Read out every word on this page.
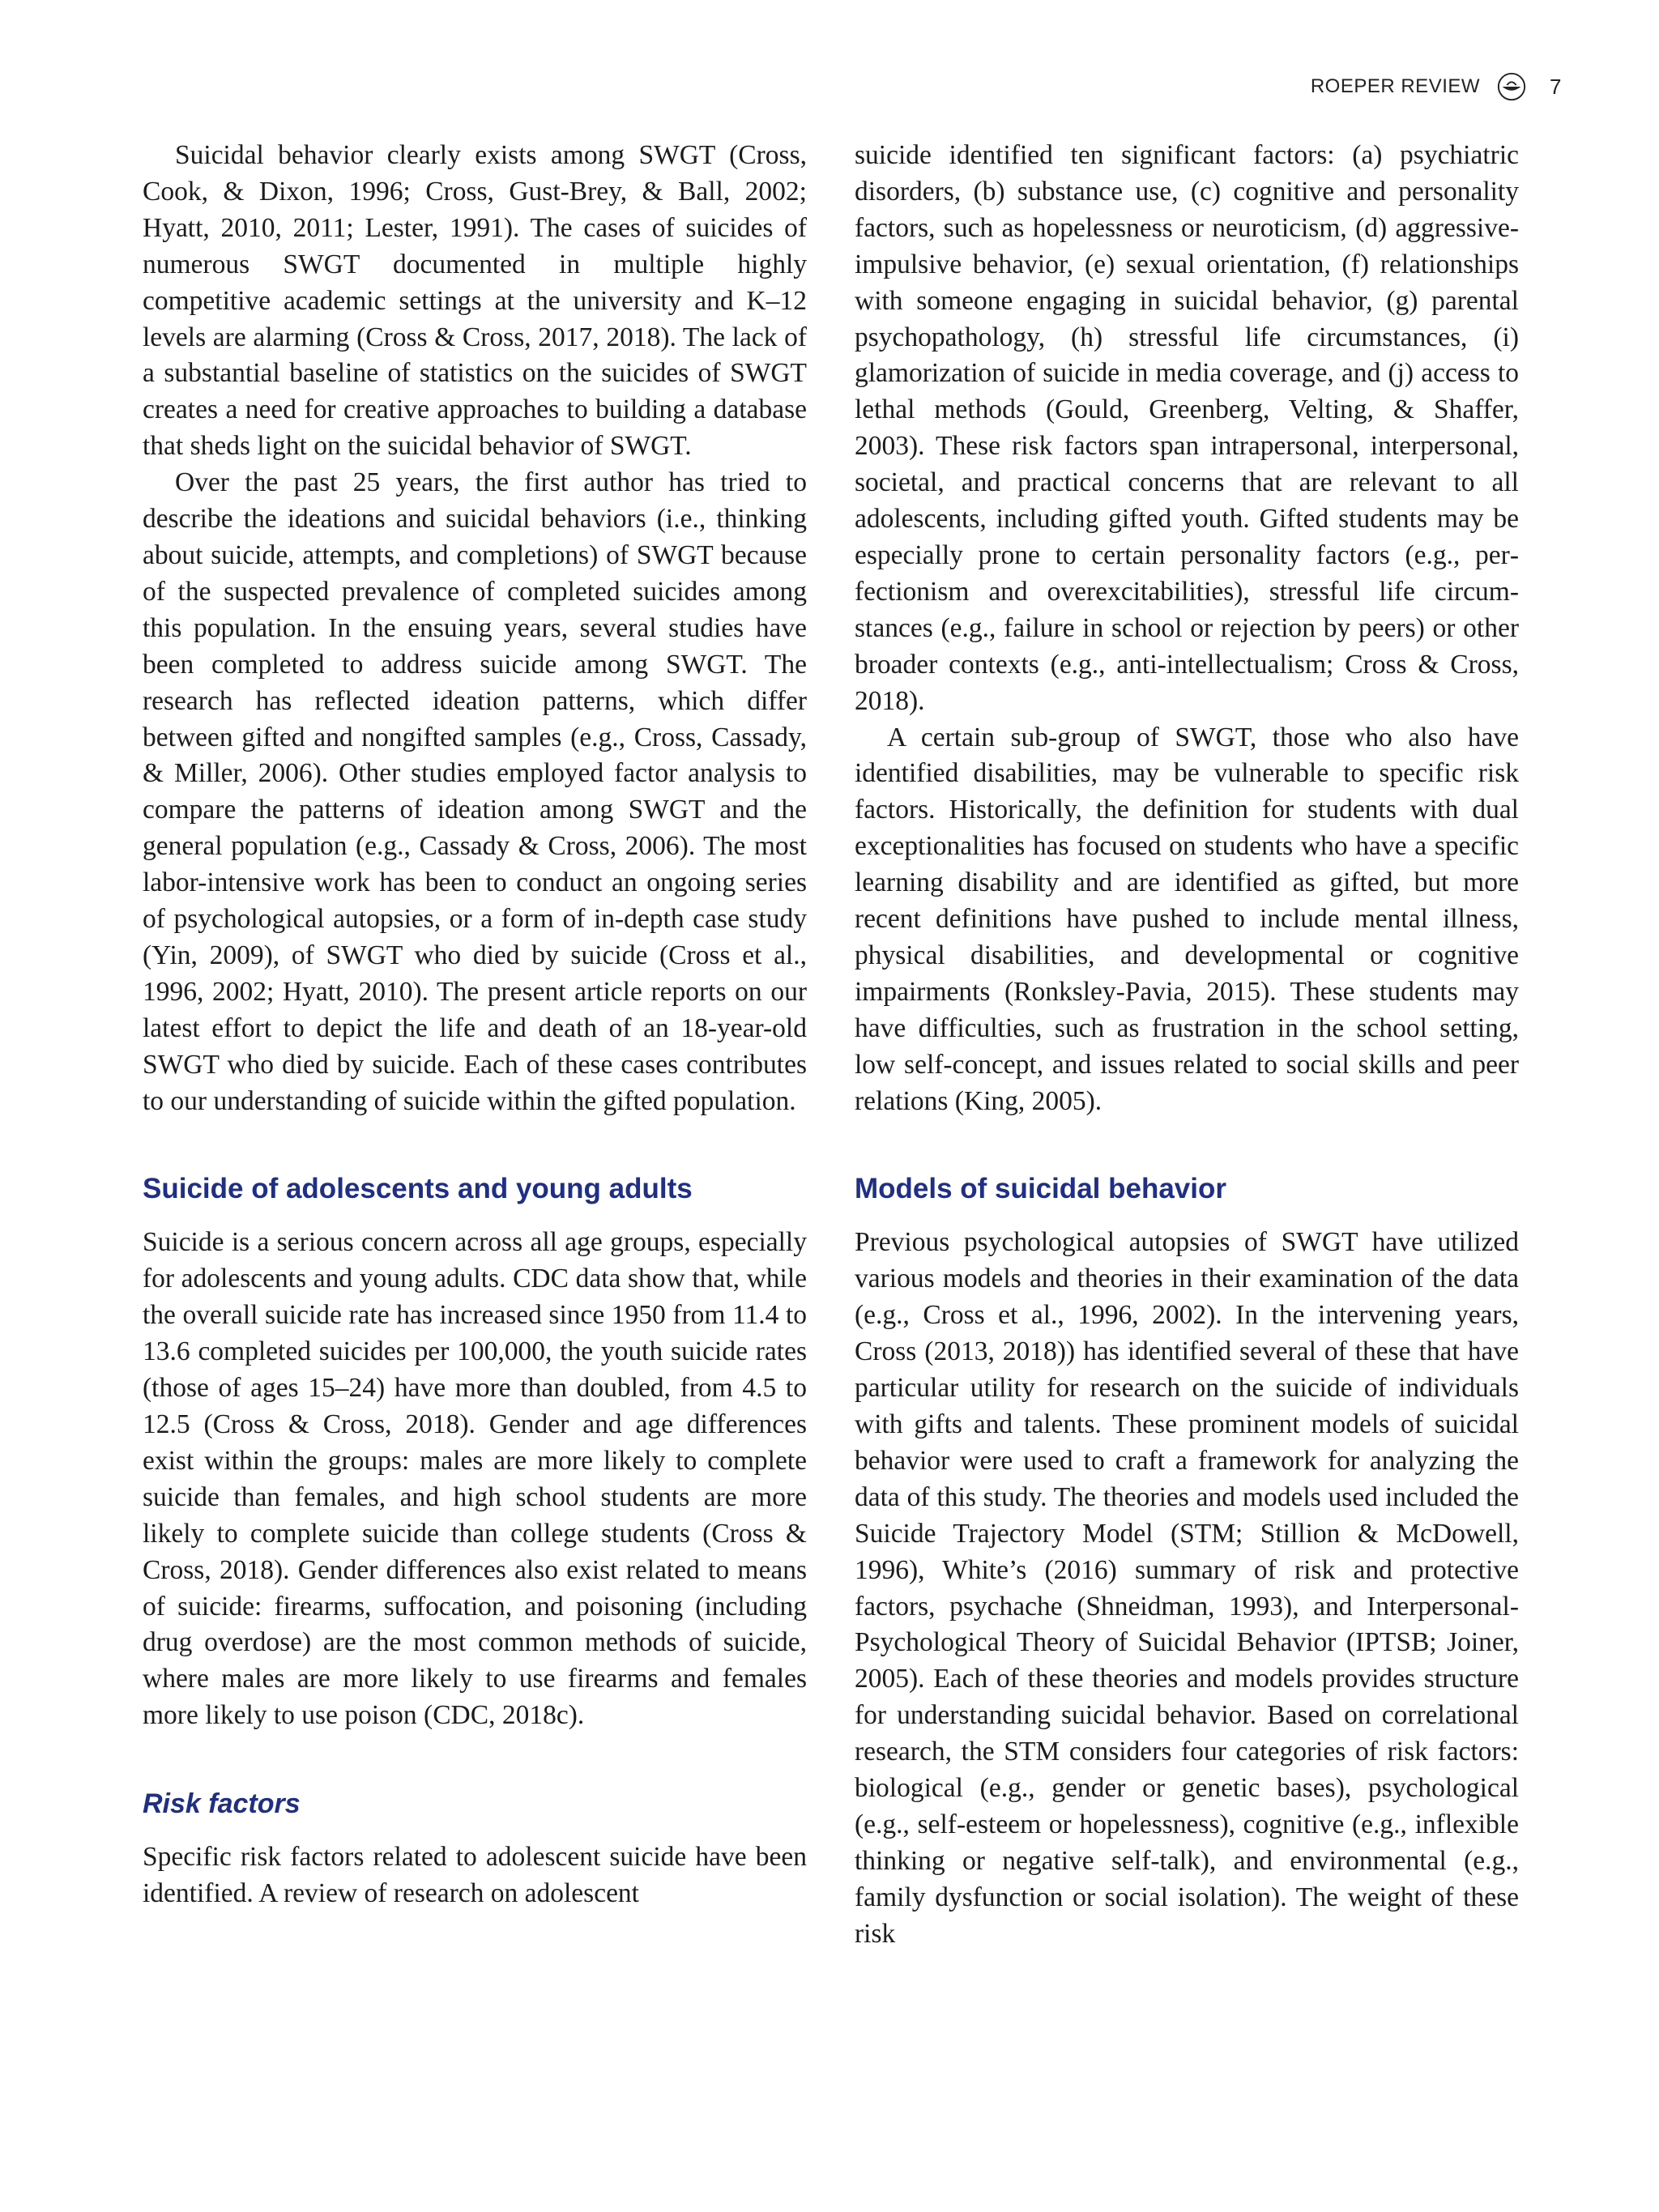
ROEPER REVIEW	7

Suicidal behavior clearly exists among SWGT (Cross, Cook, & Dixon, 1996; Cross, Gust-Brey, & Ball, 2002; Hyatt, 2010, 2011; Lester, 1991). The cases of suicides of numerous SWGT documented in multiple highly competitive academic settings at the university and K–12 levels are alarming (Cross & Cross, 2017, 2018). The lack of a substantial baseline of statistics on the suicides of SWGT creates a need for creative approaches to building a database that sheds light on the suicidal behavior of SWGT.

Over the past 25 years, the first author has tried to describe the ideations and suicidal behaviors (i.e., thinking about suicide, attempts, and completions) of SWGT because of the suspected prevalence of completed suicides among this population. In the ensuing years, several studies have been completed to address suicide among SWGT. The research has reflected ideation patterns, which differ between gifted and nongifted samples (e.g., Cross, Cassady, & Miller, 2006). Other studies employed factor analysis to compare the patterns of ideation among SWGT and the general population (e.g., Cassady & Cross, 2006). The most labor-intensive work has been to conduct an ongoing series of psychological autopsies, or a form of in-depth case study (Yin, 2009), of SWGT who died by suicide (Cross et al., 1996, 2002; Hyatt, 2010). The present article reports on our latest effort to depict the life and death of an 18-year-old SWGT who died by suicide. Each of these cases contributes to our understanding of suicide within the gifted population.

Suicide of adolescents and young adults

Suicide is a serious concern across all age groups, especially for adolescents and young adults. CDC data show that, while the overall suicide rate has increased since 1950 from 11.4 to 13.6 completed suicides per 100,000, the youth suicide rates (those of ages 15–24) have more than doubled, from 4.5 to 12.5 (Cross & Cross, 2018). Gender and age differences exist within the groups: males are more likely to complete suicide than females, and high school students are more likely to complete suicide than college students (Cross & Cross, 2018). Gender differences also exist related to means of suicide: firearms, suffocation, and poisoning (including drug overdose) are the most common methods of suicide, where males are more likely to use firearms and females more likely to use poison (CDC, 2018c).

Risk factors

Specific risk factors related to adolescent suicide have been identified. A review of research on adolescent

suicide identified ten significant factors: (a) psychiatric disorders, (b) substance use, (c) cognitive and personality factors, such as hopelessness or neuroticism, (d) aggressive-impulsive behavior, (e) sexual orientation, (f) relationships with someone engaging in suicidal behavior, (g) parental psychopathology, (h) stressful life circumstances, (i) glamorization of suicide in media coverage, and (j) access to lethal methods (Gould, Greenberg, Velting, & Shaffer, 2003). These risk factors span intrapersonal, interpersonal, societal, and practical concerns that are relevant to all adolescents, including gifted youth. Gifted students may be especially prone to certain personality factors (e.g., perfectionism and overexcitabilities), stressful life circumstances (e.g., failure in school or rejection by peers) or other broader contexts (e.g., anti-intellectualism; Cross & Cross, 2018).

A certain sub-group of SWGT, those who also have identified disabilities, may be vulnerable to specific risk factors. Historically, the definition for students with dual exceptionalities has focused on students who have a specific learning disability and are identified as gifted, but more recent definitions have pushed to include mental illness, physical disabilities, and developmental or cognitive impairments (Ronksley-Pavia, 2015). These students may have difficulties, such as frustration in the school setting, low self-concept, and issues related to social skills and peer relations (King, 2005).

Models of suicidal behavior

Previous psychological autopsies of SWGT have utilized various models and theories in their examination of the data (e.g., Cross et al., 1996, 2002). In the intervening years, Cross (2013, 2018)) has identified several of these that have particular utility for research on the suicide of individuals with gifts and talents. These prominent models of suicidal behavior were used to craft a framework for analyzing the data of this study. The theories and models used included the Suicide Trajectory Model (STM; Stillion & McDowell, 1996), White’s (2016) summary of risk and protective factors, psychache (Shneidman, 1993), and Interpersonal-Psychological Theory of Suicidal Behavior (IPTSB; Joiner, 2005). Each of these theories and models provides structure for understanding suicidal behavior. Based on correlational research, the STM considers four categories of risk factors: biological (e.g., gender or genetic bases), psychological (e.g., self-esteem or hopelessness), cognitive (e.g., inflexible thinking or negative self-talk), and environmental (e.g., family dysfunction or social isolation). The weight of these risk
